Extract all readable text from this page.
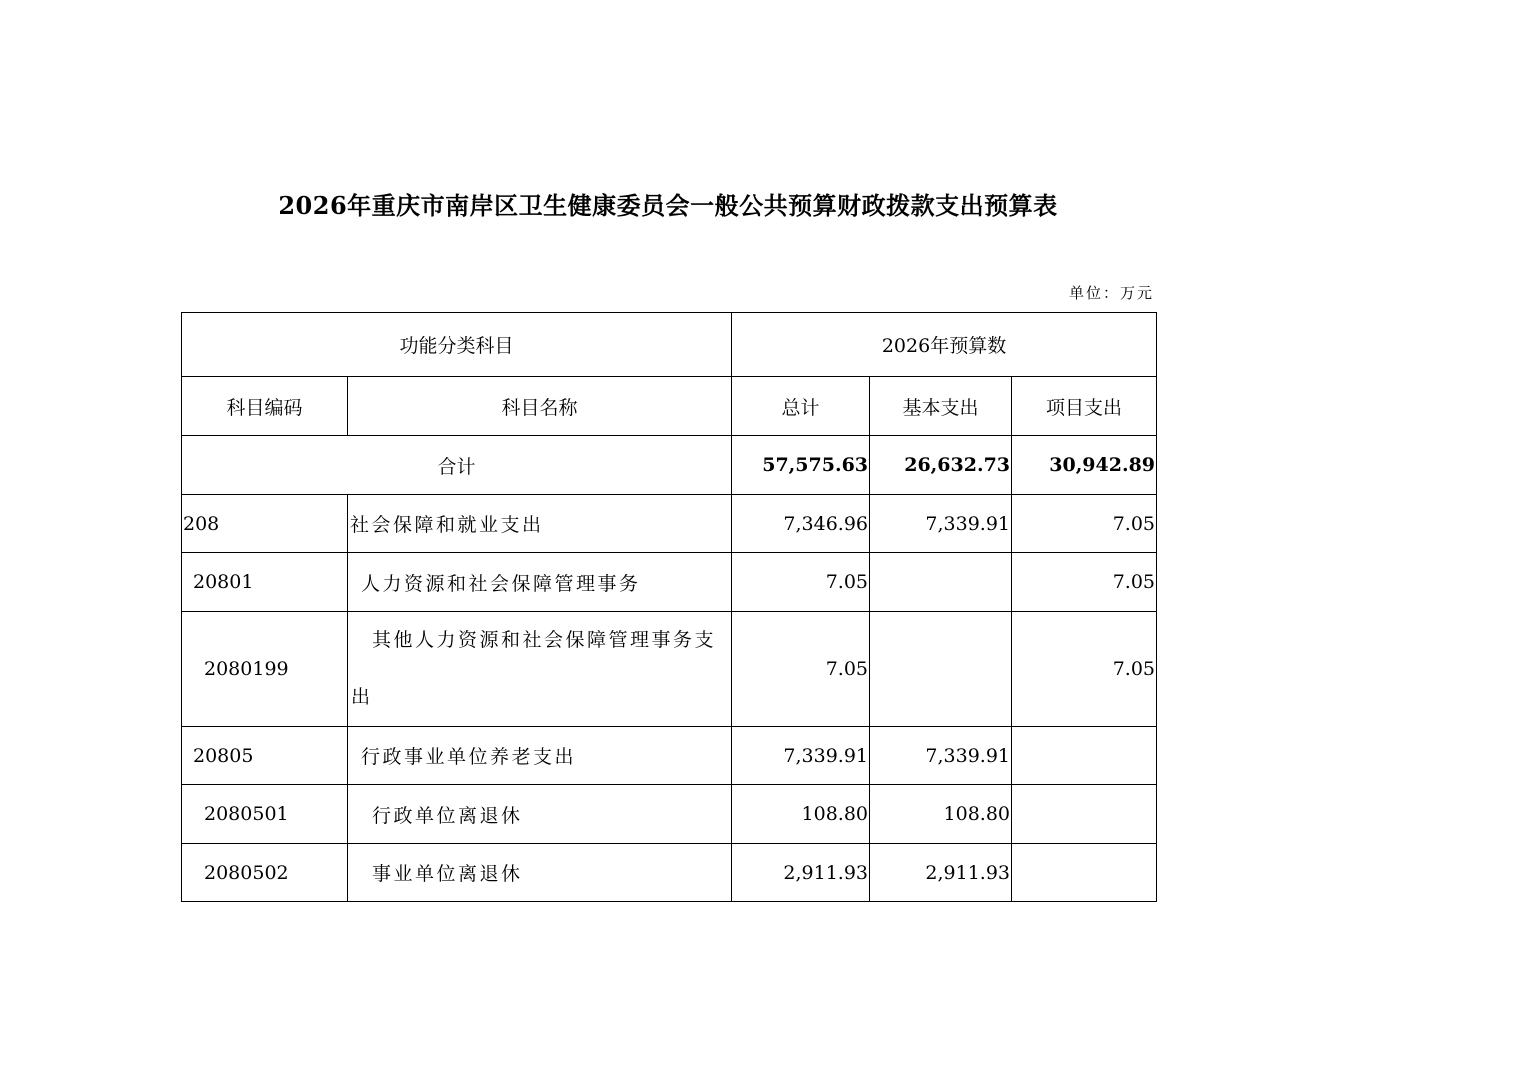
2026年重庆市南岸区卫生健康委员会一般公共预算财政拨款支出预算表
单位：万元
功能分类科目		2026年预算数		
科目编码	科目名称	总计	基本支出	项目支出
合计		57,575.63	26,632.73	30,942.89
208	社会保障和就业支出	7,346.96	7,339.91	7.05
20801	人力资源和社会保障管理事务	7.05		7.05
2080199	其他人力资源和社会保障管理事务支出	7.05		7.05
20805	行政事业单位养老支出	7,339.91	7,339.91	
2080501	行政单位离退休	108.80	108.80	
2080502	事业单位离退休	2,911.93	2,911.93	
